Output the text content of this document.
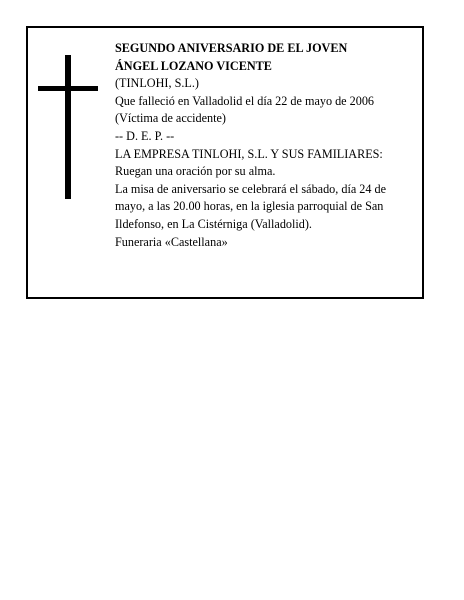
SEGUNDO ANIVERSARIO DE EL JOVEN
ÁNGEL LOZANO VICENTE
(TINLOHI, S.L.)
Que falleció en Valladolid el día 22 de mayo de 2006
(Víctima de accidente)
-- D. E. P. --
LA EMPRESA TINLOHI, S.L. Y SUS FAMILIARES:
Ruegan una oración por su alma.
La misa de aniversario se celebrará el sábado, día 24 de
mayo, a las 20.00 horas, en la iglesia parroquial de San
Ildefonso, en La Cistérniga (Valladolid).
Funeraria «Castellana»
